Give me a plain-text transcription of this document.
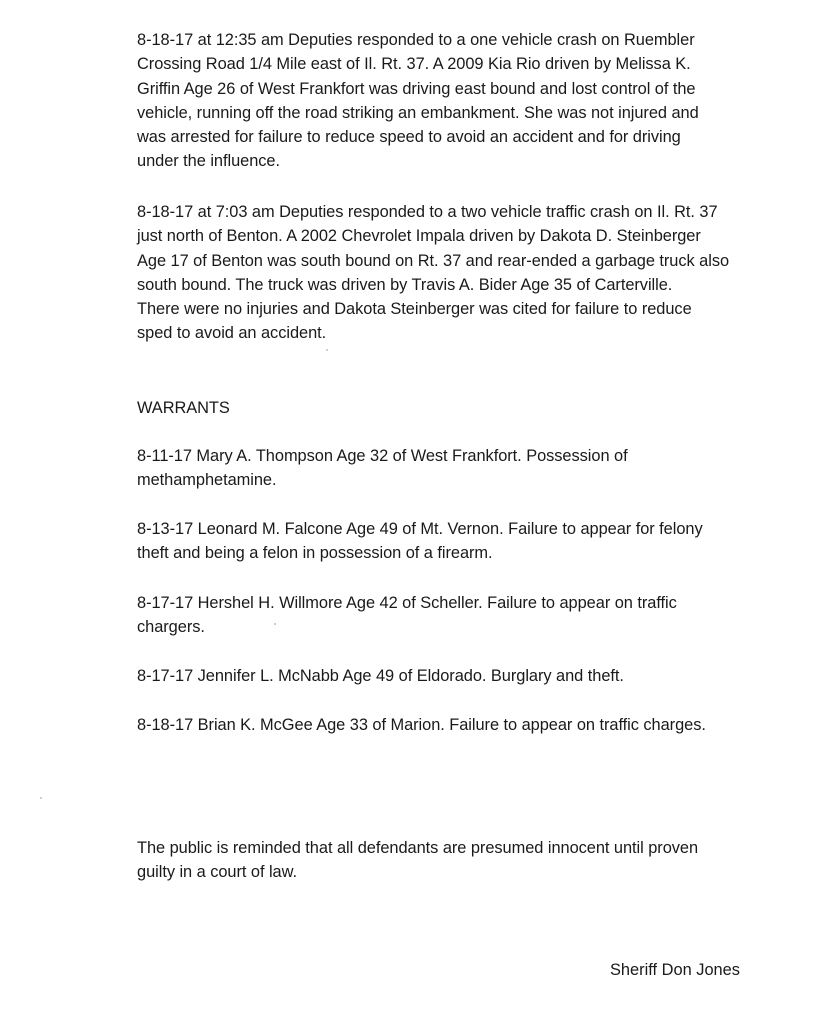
8-18-17 at 12:35 am Deputies responded to a one vehicle crash on Ruembler
Crossing Road 1/4 Mile east of Il. Rt. 37. A 2009 Kia Rio driven by Melissa K.
Griffin Age 26 of West Frankfort was driving east bound and lost control of the
vehicle, running off the road striking an embankment. She was not injured and
was arrested for failure to reduce speed to avoid an accident and for driving
under the influence.

8-18-17 at 7:03 am Deputies responded to a two vehicle traffic crash on Il. Rt. 37
just north of Benton. A 2002 Chevrolet Impala driven by Dakota D. Steinberger
Age 17 of Benton was south bound on Rt. 37 and rear-ended a garbage truck also
south bound. The truck was driven by Travis A. Bider Age 35 of Carterville.
There were no injuries and Dakota Steinberger was cited for failure to reduce
sped to avoid an accident.

WARRANTS

8-11-17 Mary A. Thompson Age 32 of West Frankfort. Possession of
methamphetamine.

8-13-17 Leonard M. Falcone Age 49 of Mt. Vernon. Failure to appear for felony
theft and being a felon in possession of a firearm.

8-17-17 Hershel H. Willmore Age 42 of Scheller. Failure to appear on traffic
chargers.

8-17-17 Jennifer L. McNabb Age 49 of Eldorado. Burglary and theft.

8-18-17 Brian K. McGee Age 33 of Marion. Failure to appear on traffic charges.

The public is reminded that all defendants are presumed innocent until proven
guilty in a court of law.

Sheriff Don Jones
